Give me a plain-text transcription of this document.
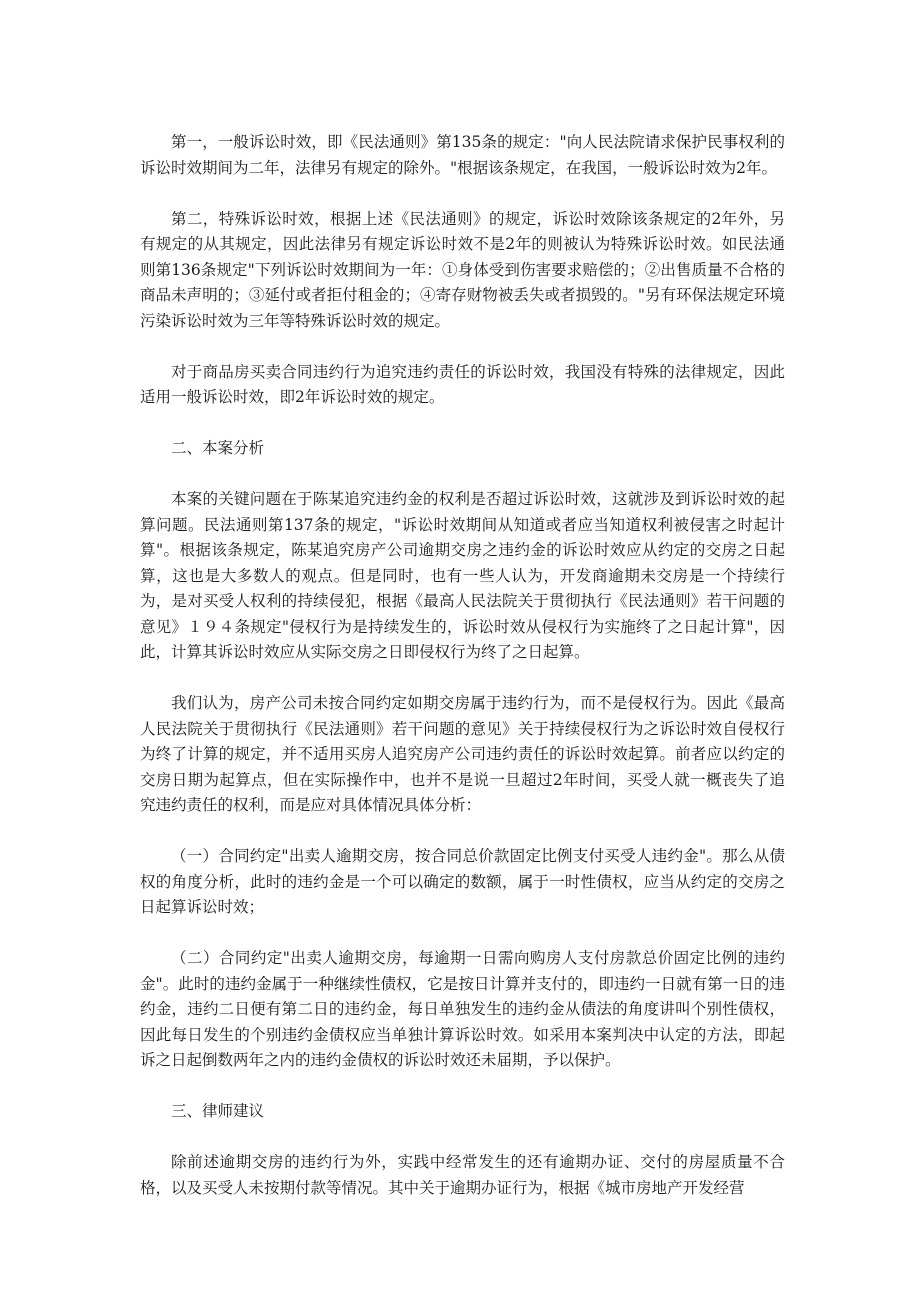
第一，一般诉讼时效，即《民法通则》第135条的规定："向人民法院请求保护民事权利的诉讼时效期间为二年，法律另有规定的除外。"根据该条规定，在我国，一般诉讼时效为2年。

第二，特殊诉讼时效，根据上述《民法通则》的规定，诉讼时效除该条规定的2年外，另有规定的从其规定，因此法律另有规定诉讼时效不是2年的则被认为特殊诉讼时效。如民法通则第136条规定"下列诉讼时效期间为一年：①身体受到伤害要求赔偿的；②出售质量不合格的商品未声明的；③延付或者拒付租金的；④寄存财物被丢失或者损毁的。"另有环保法规定环境污染诉讼时效为三年等特殊诉讼时效的规定。

对于商品房买卖合同违约行为追究违约责任的诉讼时效，我国没有特殊的法律规定，因此适用一般诉讼时效，即2年诉讼时效的规定。

二、本案分析

本案的关键问题在于陈某追究违约金的权利是否超过诉讼时效，这就涉及到诉讼时效的起算问题。民法通则第137条的规定，"诉讼时效期间从知道或者应当知道权利被侵害之时起计算"。根据该条规定，陈某追究房产公司逾期交房之违约金的诉讼时效应从约定的交房之日起算，这也是大多数人的观点。但是同时，也有一些人认为，开发商逾期未交房是一个持续行为，是对买受人权利的持续侵犯，根据《最高人民法院关于贯彻执行《民法通则》若干问题的意见》１９４条规定"侵权行为是持续发生的，诉讼时效从侵权行为实施终了之日起计算"，因此，计算其诉讼时效应从实际交房之日即侵权行为终了之日起算。

我们认为，房产公司未按合同约定如期交房属于违约行为，而不是侵权行为。因此《最高人民法院关于贯彻执行《民法通则》若干问题的意见》关于持续侵权行为之诉讼时效自侵权行为终了计算的规定，并不适用买房人追究房产公司违约责任的诉讼时效起算。前者应以约定的交房日期为起算点，但在实际操作中，也并不是说一旦超过2年时间，买受人就一概丧失了追究违约责任的权利，而是应对具体情况具体分析：

（一）合同约定"出卖人逾期交房，按合同总价款固定比例支付买受人违约金"。那么从债权的角度分析，此时的违约金是一个可以确定的数额，属于一时性债权，应当从约定的交房之日起算诉讼时效；

（二）合同约定"出卖人逾期交房，每逾期一日需向购房人支付房款总价固定比例的违约金"。此时的违约金属于一种继续性债权，它是按日计算并支付的，即违约一日就有第一日的违约金，违约二日便有第二日的违约金，每日单独发生的违约金从债法的角度讲叫个别性债权，因此每日发生的个别违约金债权应当单独计算诉讼时效。如采用本案判决中认定的方法，即起诉之日起倒数两年之内的违约金债权的诉讼时效还未届期，予以保护。

三、律师建议

除前述逾期交房的违约行为外，实践中经常发生的还有逾期办证、交付的房屋质量不合格，以及买受人未按期付款等情况。其中关于逾期办证行为，根据《城市房地产开发经营
